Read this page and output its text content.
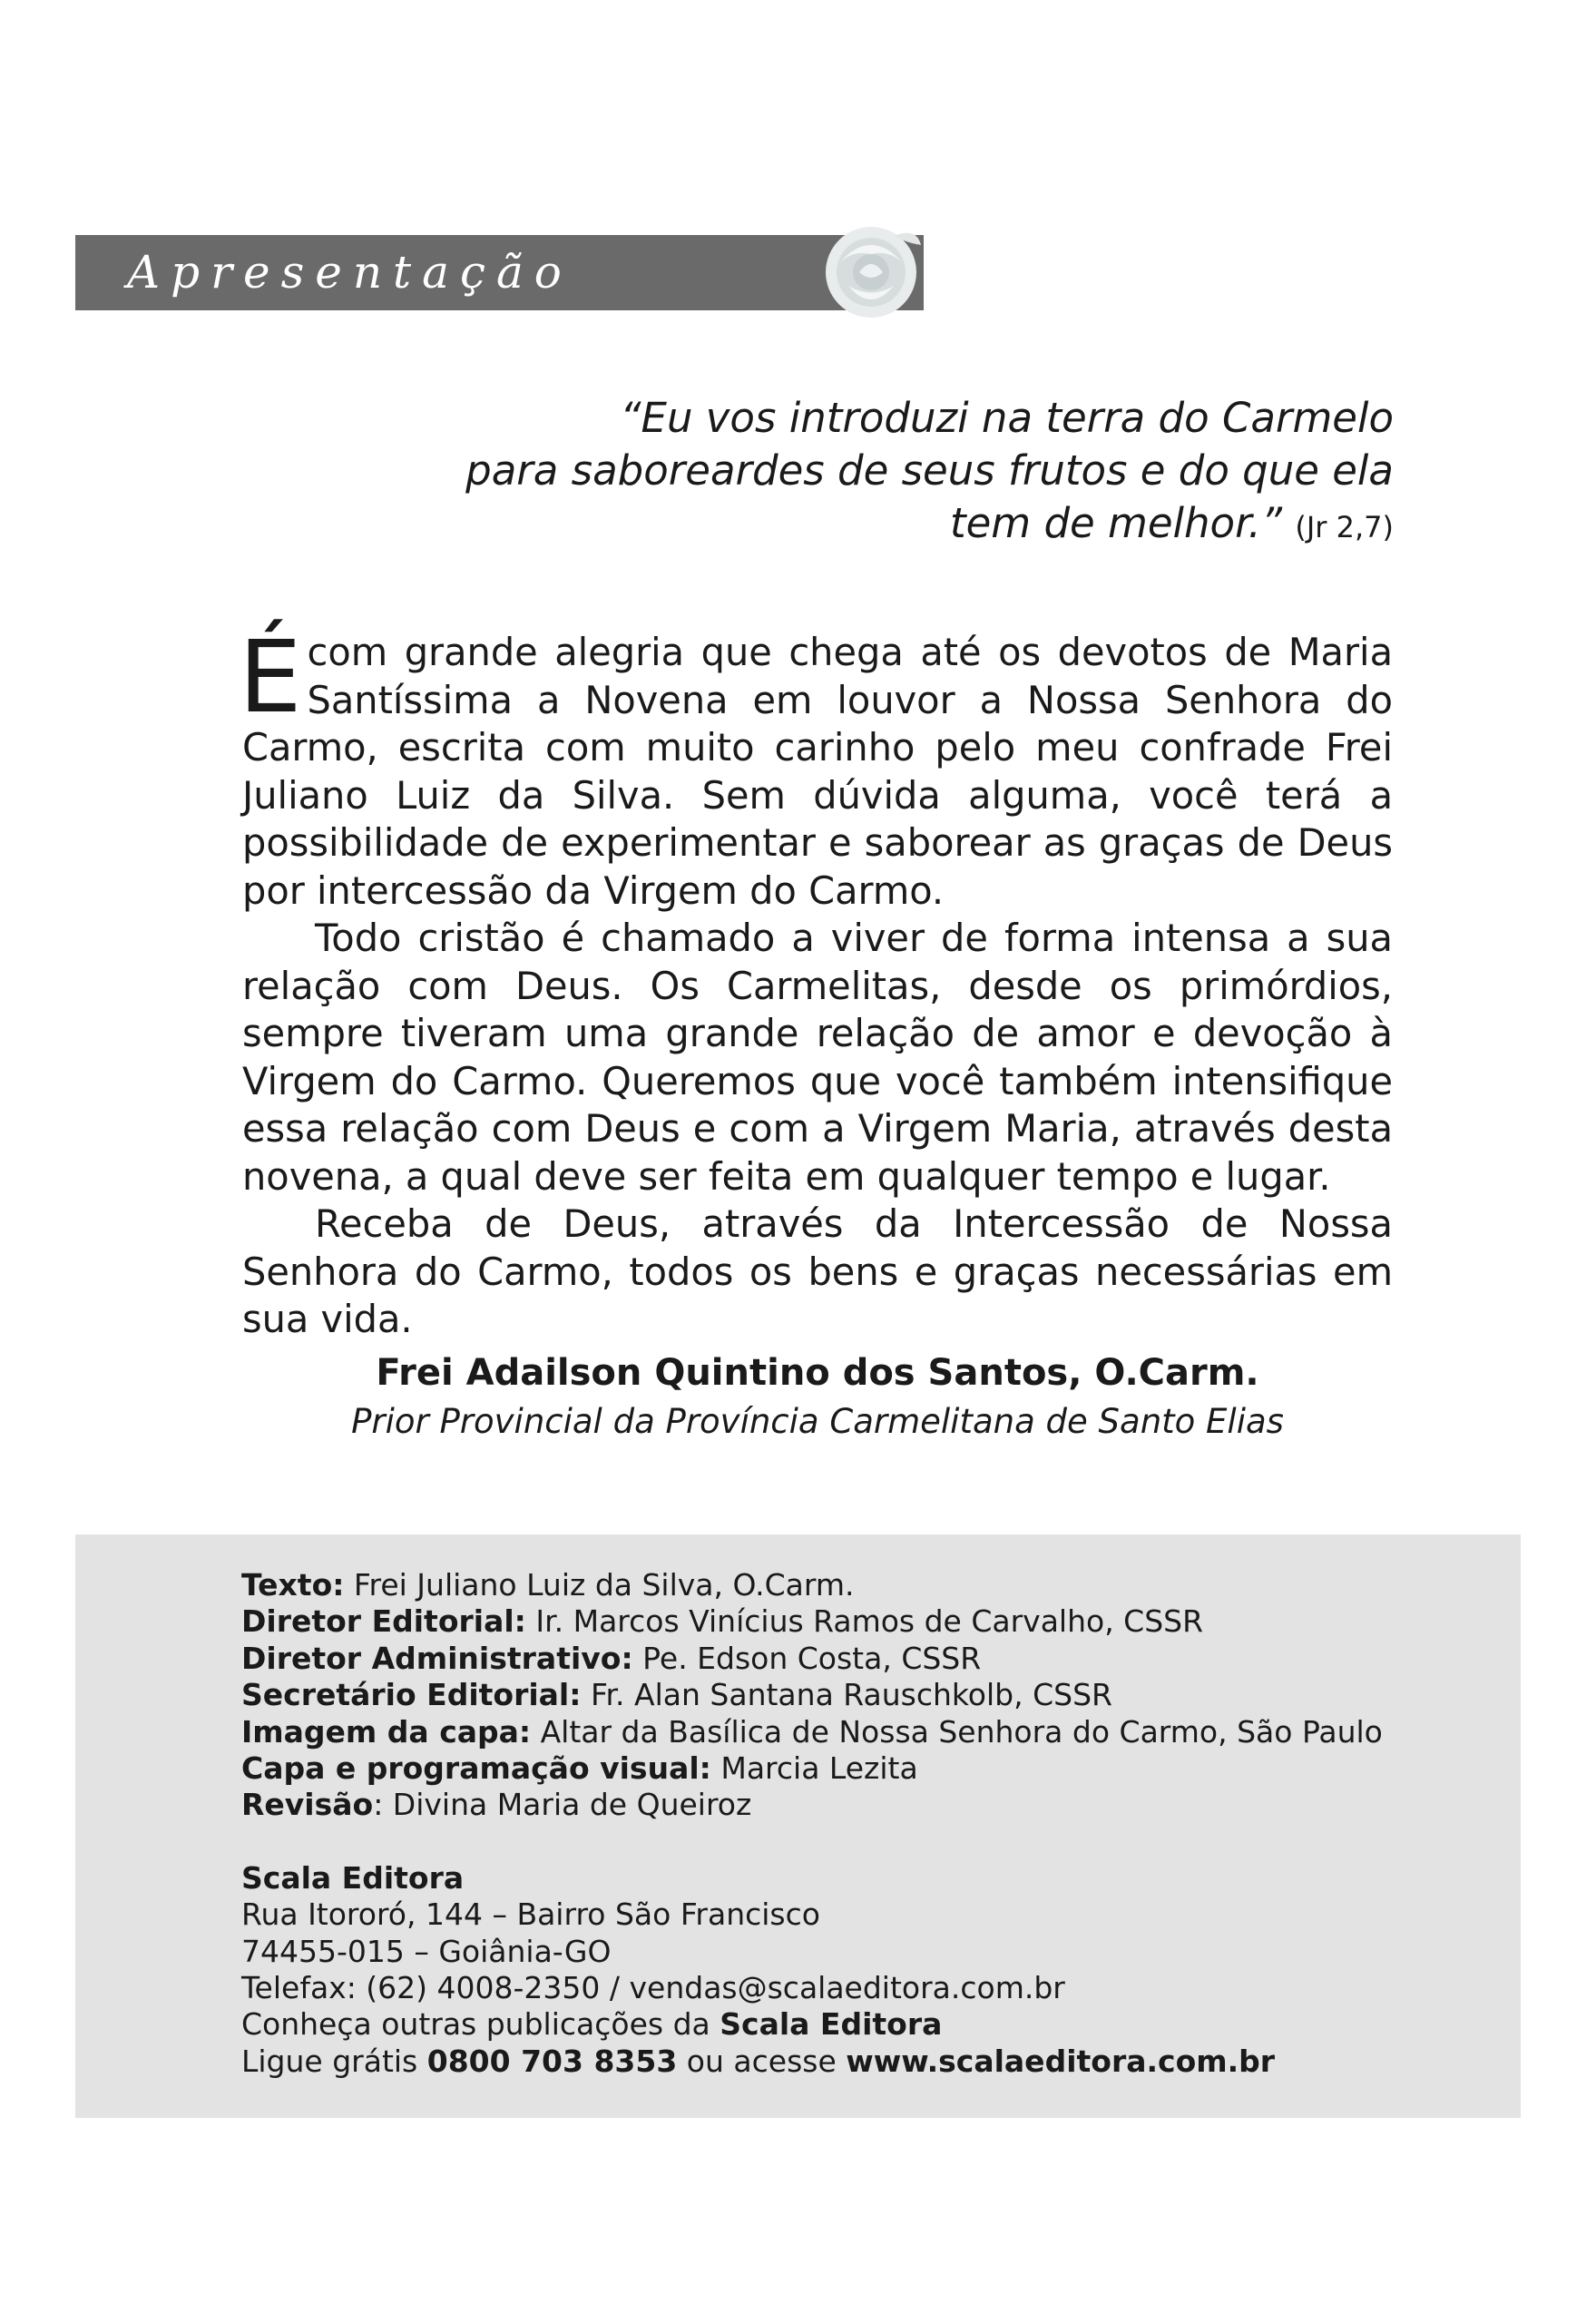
Apresentação
“Eu vos introduzi na terra do Carmelo
para saboreardes de seus frutos e do que ela
tem de melhor.” (Jr 2,7)

É com grande alegria que chega até os devotos de Maria Santíssima a Novena em louvor a Nossa Senhora do Carmo, escrita com muito carinho pelo meu confrade Frei Juliano Luiz da Silva. Sem dúvida alguma, você terá a possibilidade de experimentar e saborear as graças de Deus por intercessão da Virgem do Carmo.

Todo cristão é chamado a viver de forma intensa a sua relação com Deus. Os Carmelitas, desde os primórdios, sempre tiveram uma grande relação de amor e devoção à Virgem do Carmo. Queremos que você também intensifique essa relação com Deus e com a Virgem Maria, através desta novena, a qual deve ser feita em qualquer tempo e lugar.

Receba de Deus, através da Intercessão de Nossa Senhora do Carmo, todos os bens e graças necessárias em sua vida.

Frei Adailson Quintino dos Santos, O.Carm.
Prior Provincial da Província Carmelitana de Santo Elias
Texto: Frei Juliano Luiz da Silva, O.Carm.
Diretor Editorial: Ir. Marcos Vinícius Ramos de Carvalho, CSSR
Diretor Administrativo: Pe. Edson Costa, CSSR
Secretário Editorial: Fr. Alan Santana Rauschkolb, CSSR
Imagem da capa: Altar da Basílica de Nossa Senhora do Carmo, São Paulo
Capa e programação visual: Marcia Lezita
Revisão: Divina Maria de Queiroz
Scala Editora
Rua Itororó, 144 – Bairro São Francisco
74455-015 – Goiânia-GO
Telefax: (62) 4008-2350 / vendas@scalaeditora.com.br
Conheça outras publicações da Scala Editora
Ligue grátis 0800 703 8353 ou acesse www.scalaeditora.com.br
